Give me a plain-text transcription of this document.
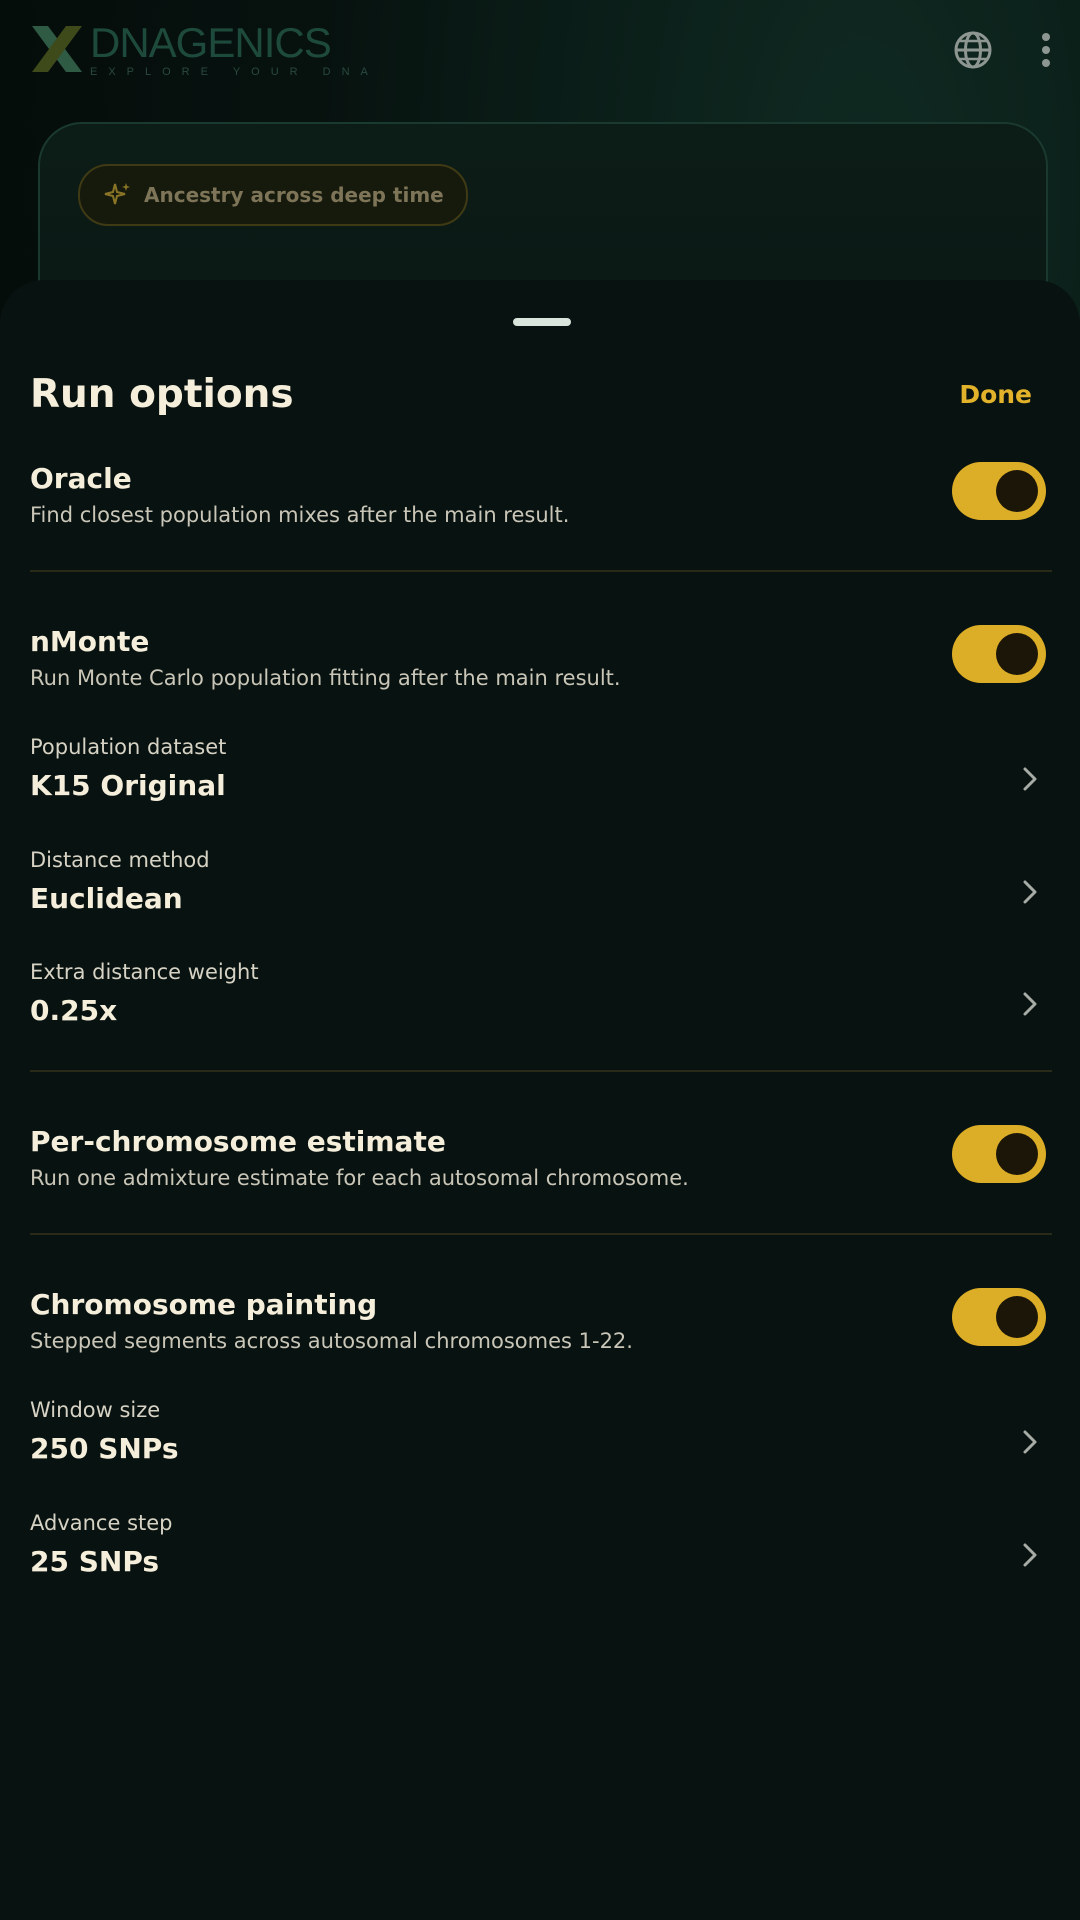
DNAGENICS
EXPLORE YOUR DNA
Ancestry across deep time
Run options	Done
Oracle
Find closest population mixes after the main result.
nMonte
Run Monte Carlo population fitting after the main result.
Population dataset
K15 Original
Distance method
Euclidean
Extra distance weight
0.25x
Per-chromosome estimate
Run one admixture estimate for each autosomal chromosome.
Chromosome painting
Stepped segments across autosomal chromosomes 1-22.
Window size
250 SNPs
Advance step
25 SNPs
